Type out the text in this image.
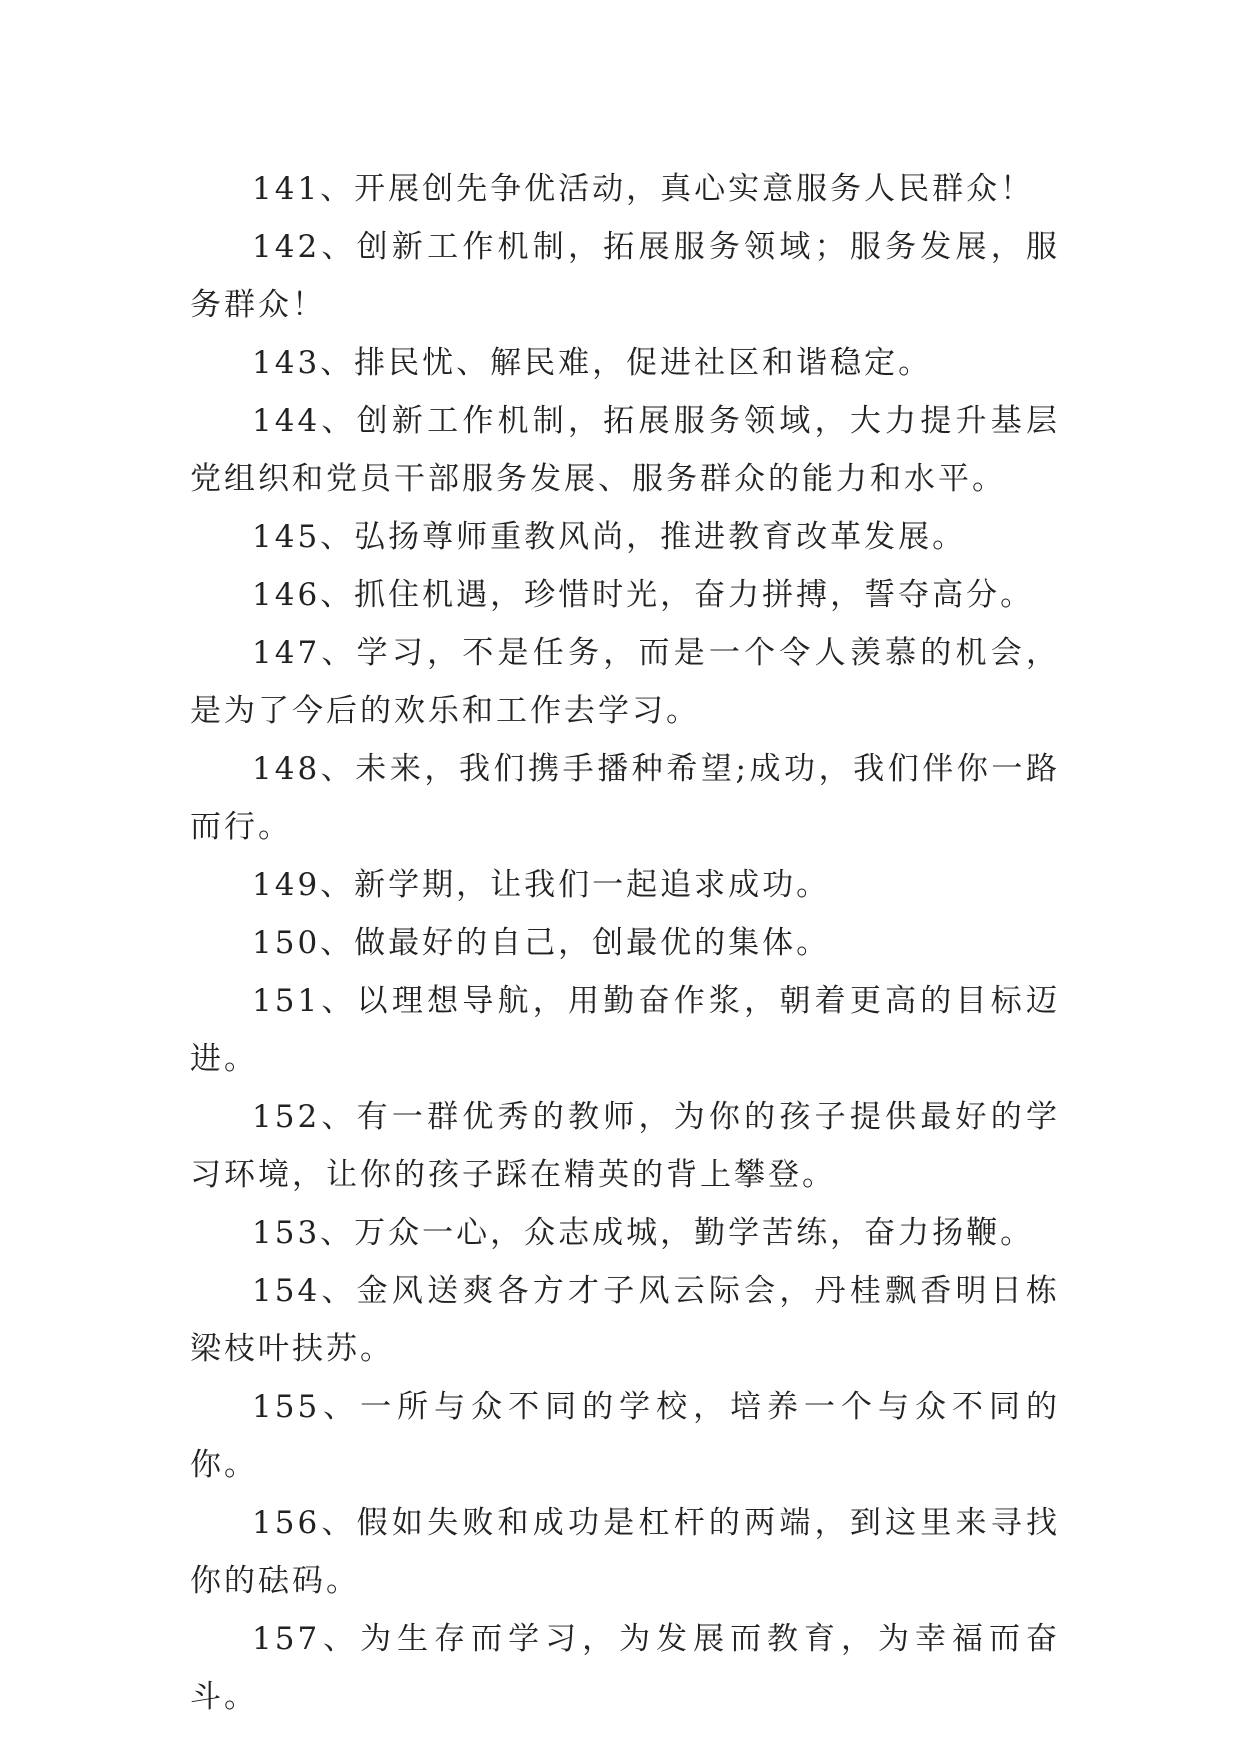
141、开展创先争优活动，真心实意服务人民群众！

142、创新工作机制，拓展服务领域；服务发展，服务群众！

143、排民忧、解民难，促进社区和谐稳定。

144、创新工作机制，拓展服务领域，大力提升基层党组织和党员干部服务发展、服务群众的能力和水平。

145、弘扬尊师重教风尚，推进教育改革发展。

146、抓住机遇，珍惜时光，奋力拼搏，誓夺高分。

147、学习，不是任务，而是一个令人羡慕的机会，是为了今后的欢乐和工作去学习。

148、未来，我们携手播种希望;成功，我们伴你一路而行。

149、新学期，让我们一起追求成功。

150、做最好的自己，创最优的集体。

151、以理想导航，用勤奋作浆，朝着更高的目标迈进。

152、有一群优秀的教师，为你的孩子提供最好的学习环境，让你的孩子踩在精英的背上攀登。

153、万众一心，众志成城，勤学苦练，奋力扬鞭。

154、金风送爽各方才子风云际会，丹桂飘香明日栋梁枝叶扶苏。

155、一所与众不同的学校，培养一个与众不同的你。

156、假如失败和成功是杠杆的两端，到这里来寻找你的砝码。

157、为生存而学习，为发展而教育，为幸福而奋斗。
